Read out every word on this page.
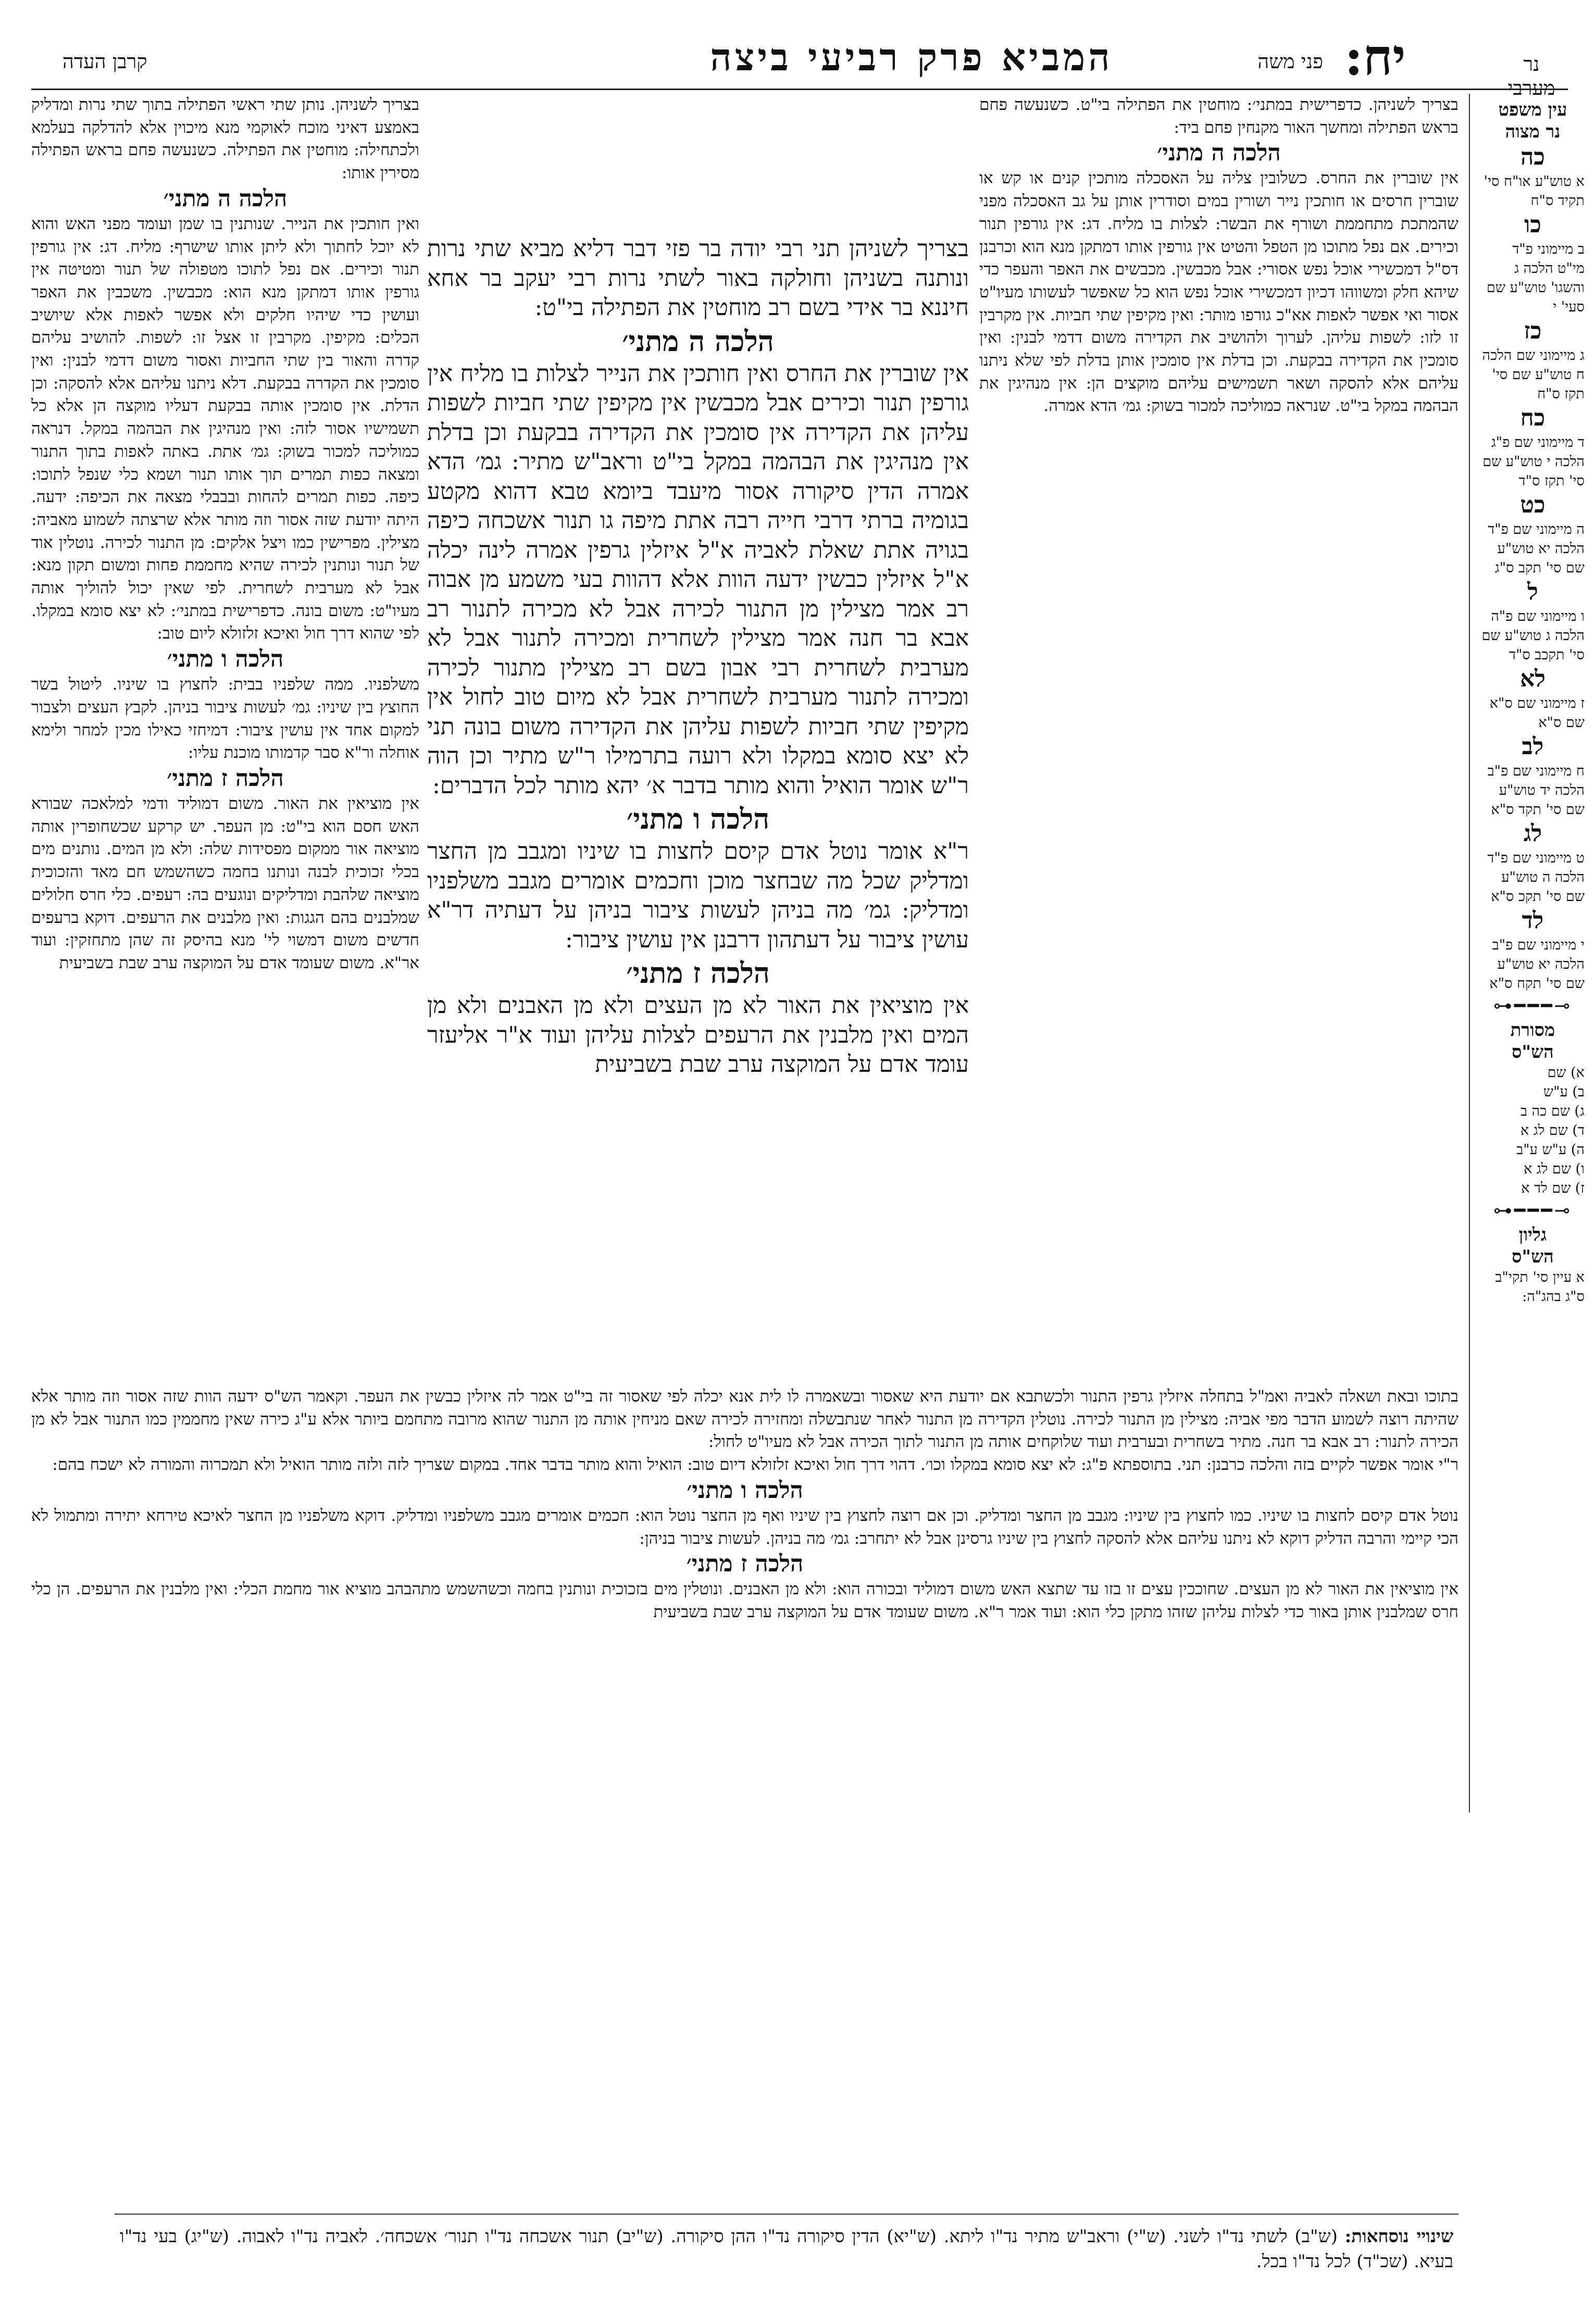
קרבן העדה	המביא פרק רביעי ביצה	פני משה יח:	נר
מערבי

בצריך לשניהן. נותן שתי ראשי הפתילה בתוך שתי נרות ומדליק באמצע דאיני מוכח לאוקמי מנא מיכוין אלא להדלקה בעלמא ולכתחילה: מוחטין את הפתילה. כשנעשה פחם בראש הפתילה מסירין אותו:

הלכה ה מתני׳

ואין חותכין את הנייר. שנותנין בו שמן ועומד מפני האש והוא לא יוכל לחתוך ולא ליתן אותו שישרף: מליח. דג: אין גורפין תנור וכירים. אם נפל לתוכו מטפולה של תנור ומטיטה אין גורפין אותו דמתקן מנא הוא: מכבשין. משכבין את האפר ועושין כדי שיהיו חלקים ולא אפשר לאפות אלא שיושיב הכלים: מקיפין. מקרבין זו אצל זו: לשפות. להושיב עליהם קדרה והאור בין שתי החביות ואסור משום דדמי לבנין: ואין סומכין את הקדרה בבקעת. דלא ניתנו עליהם אלא להסקה: וכן הדלת. אין סומכין אותה בבקעת דעליו מוקצה הן אלא כל תשמישיו אסור לזה: ואין מנהיגין את הבהמה במקל. דנראה כמוליכה למכור בשוק: גמ׳ אתת. באתה לאפות בתוך התנור ומצאה כפות תמרים תוך אותו תנור ושמא כלי שנפל לתוכו: כיפה. כפות תמרים להחות ובבבלי מצאה את הכיפה: ידעה. היתה יודעת שזה אסור וזה מותר אלא שרצתה לשמוע מאביה: מצילין. מפרישין כמו ויצל אלקים: מן התנור לכירה. נוטלין אוד של תנור ונותנין לכירה שהיא מחממת פחות ומשום תקון מנא: אבל לא מערבית לשחרית. לפי שאין יכול להוליך אותה מעיו"ט: משום בונה. כדפרישית במתני׳: לא יצא סומא במקלו. לפי שהוא דרך חול ואיכא זלזולא ליום טוב:

הלכה ו מתני׳

משלפניו. ממה שלפניו בבית: לחצוץ בו שיניו. ליטול בשר החוצץ בין שיניו: גמ׳ לעשות ציבור בניהן. לקבץ העצים ולצבור למקום אחד אין עושין ציבור: דמיחזי כאילו מכין למחר ולימא אוחלה ור"א סבר קדמותו מוכנת עליו:

הלכה ז מתני׳

אין מוציאין את האור. משום דמוליד ודמי למלאכה שבורא האש חסם הוא בי"ט: מן העפר. יש קרקע שכשחופרין אותה מוציאה אור ממקום מפסידות שלה: ולא מן המים. נותנים מים בכלי זכוכית לבנה ונותנו בחמה כשהשמש חם מאד והזכוכית מוציאה שלהבת ומדליקים ונוגעים בה: רעפים. כלי חרס חלולים שמלבנים בהם הגגות: ואין מלבנים את הרעפים. דוקא ברעפים חדשים משום דמשוי לי' מנא בהיסק זה שהן מתחזקין: ועוד אר"א. משום שעומד אדם על המוקצה ערב שבת בשביעית

בצריך לשניהן. כדפרישית במתני׳: מוחטין את הפתילה בי"ט. כשנעשה פחם בראש הפתילה ומחשך האור מקנחין פחם ביד:

הלכה ה מתני׳

אין שוברין את החרס. כשלובין צליה על האסכלה מותכין קנים או קש או שוברין חרסים או חותכין נייר ושורין במים וסודרין אותן על גב האסכלה מפני שהמתכת מתחממת ושורף את הבשר: לצלות בו מליח. דג: אין גורפין תנור וכירים. אם נפל מתוכו מן הטפל והטיט אין גורפין אותו דמתקן מנא הוא וכרבנן דס"ל דמכשירי אוכל נפש אסורי: אבל מכבשין. מכבשים את האפר והעפר כדי שיהא חלק ומשווהו דכיון דמכשירי אוכל נפש הוא כל שאפשר לעשותו מעיו"ט אסור ואי אפשר לאפות אא"כ גורפו מותר: ואין מקיפין שתי חביות. אין מקרבין זו לזו: לשפות עליהן. לערוך ולהושיב את הקדירה משום דדמי לבנין: ואין סומכין את הקדירה בבקעת. וכן בדלת אין סומכין אותן בדלת לפי שלא ניתנו עליהם אלא להסקה ושאר תשמישים עליהם מוקצים הן: אין מנהיגין את הבהמה במקל בי"ט. שנראה כמוליכה למכור בשוק: גמ׳ הדא אמרה.

בצריך לשניהן תני רבי יודה בר פזי דבר דליא מביא שתי נרות ונותנה בשניהן וחולקה באור לשתי נרות רבי יעקב בר אחא חיננא בר אידי בשם רב מוחטין את הפתילה בי"ט:
הלכה ה מתני׳
אין שוברין את החרס ואין חותכין את הנייר לצלות בו מליח אין גורפין תנור וכירים אבל מכבשין אין מקיפין שתי חביות לשפות עליהן את הקדירה אין סומכין את הקדירה בבקעת וכן בדלת אין מנהיגין את הבהמה במקל בי"ט וראב"ש מתיר: גמ׳ הדא אמרה הדין סיקורה אסור מיעבד ביומא טבא דהוא מקטע בגומיה ברתי דרבי חייה רבה אתת מיפה גו תנור אשכחה כיפה בגויה אתת שאלת לאביה א"ל איזלין גרפין אמרה לינה יכלה א"ל איזלין כבשין ידעה הוות אלא דהוות בעי משמע מן אבוה רב אמר מצילין מן התנור לכירה אבל לא מכירה לתנור רב אבא בר חנה אמר מצילין לשחרית ומכירה לתנור אבל לא מערבית לשחרית רבי אבון בשם רב מצילין מתנור לכירה ומכירה לתנור מערבית לשחרית אבל לא מיום טוב לחול אין מקיפין שתי חביות לשפות עליהן את הקדירה משום בונה תני לא יצא סומא במקלו ולא רועה בתרמילו ר"ש מתיר וכן הוה ר"ש אומר הואיל והוא מותר בדבר א׳ יהא מותר לכל הדברים:
הלכה ו מתני׳
ר"א אומר נוטל אדם קיסם לחצות בו שיניו ומגבב מן החצר ומדליק שכל מה שבחצר מוכן וחכמים אומרים מגבב משלפניו ומדליק: גמ׳ מה בניהן לעשות ציבור בניהן על דעתיה דר"א עושין ציבור על דעתהון דרבנן אין עושין ציבור:
הלכה ז מתני׳
אין מוציאין את האור לא מן העצים ולא מן האבנים ולא מן המים ואין מלבנין את הרעפים לצלות עליהן ועוד א"ר אליעזר עומד אדם על המוקצה ערב שבת בשביעית

בתוכו ובאת ושאלה לאביה ואמ"ל בתחלה איזלין גרפין התנור ולכשתבא אם יודעת היא שאסור ובשאמרה לו לית אנא יכלה לפי שאסור זה בי"ט אמר לה איזלין כבשין את העפר. וקאמר הש"ס ידעה הוות שזה אסור וזה מותר אלא שהיתה רוצה לשמוע הדבר מפי אביה: מצילין מן התנור לכירה. נוטלין הקדירה מן התנור לאחר שנתבשלה ומחזירה לכירה שאם מניחין אותה מן התנור שהוא מרובה מתחמם ביותר אלא ע"ג כירה שאין מחממין כמו התנור אבל לא מן הכירה לתנור: רב אבא בר חנה. מתיר בשחרית ובערבית ועוד שלוקחים אותה מן התנור לתוך הכירה אבל לא מעיו"ט לחול:

ר"י אומר אפשר לקיים בזה והלכה כרבנן: תני. בתוספתא פ"ג: לא יצא סומא במקלו וכו׳. דהוי דרך חול ואיכא זלזולא דיום טוב: הואיל והוא מותר בדבר אחד. במקום שצריך לזה ולזה מותר הואיל ולא תמכרוה והמורה לא ישכח בהם:

הלכה ו מתני׳

נוטל אדם קיסם לחצות בו שיניו. כמו לחצוץ בין שיניו: מגבב מן החצר ומדליק. וכן אם רוצה לחצוץ בין שיניו ואף מן החצר נוטל הוא: חכמים אומרים מגבב משלפניו ומדליק. דוקא משלפניו מן החצר לאיכא טירחא יתירה ומתמול לא הכי קיימי והרבה הדליק דוקא לא ניתנו עליהם אלא להסקה לחצוץ בין שיניו גרסינן אבל לא יתחרב: גמ׳ מה בניהן. לעשות ציבור בניהן:

הלכה ז מתני׳

אין מוציאין את האור לא מן העצים. שחוככין עצים זו בזו עד שתצא האש משום דמוליד ובכורה הוא: ולא מן האבנים. ונוטלין מים בזכוכית ונותנין בחמה וכשהשמש מתהבהב מוציא אור מחמת הכלי: ואין מלבנין את הרעפים. הן כלי חרס שמלבנין אותן באור כדי לצלות עליהן שזהו מתקן כלי הוא: ועוד אמר ר"א. משום שעומד אדם על המוקצה ערב שבת בשביעית

עין משפט
נר מצוה
כה
א טוש"ע או"ח סי' תקיד ס"ח
כו
ב מיימוני פ"ד מי"ט הלכה ג והשגו' טוש"ע שם סעי' י
כז
ג מיימוני שם הלכה ח טוש"ע שם סי' תקז ס"ח
כח
ד מיימוני שם פ"ג הלכה י טוש"ע שם סי' תקז ס"ד
כט
ה מיימוני שם פ"ד הלכה יא טוש"ע שם סי' תקב ס"ג
ל
ו מיימוני שם פ"ה הלכה ג טוש"ע שם סי' תקכב ס"ד
לא
ז מיימוני שם ס"א שם ס"א
לב
ח מיימוני שם פ"ב הלכה יד טוש"ע שם סי' תקד ס"א
לג
ט מיימוני שם פ"ד הלכה ה טוש"ע שם סי' תקכ ס"א
לד
י מיימוני שם פ"ב הלכה יא טוש"ע שם סי' תקח ס"א
⊸━━━⊷
מסורת
הש"ס
א) שם
ב) ע"ש
ג) שם כה ב
ד) שם לג א
ה) ע"ש ע"ב
ו) שם לג א
ז) שם לד א
⊸━━━⊷
גליון
הש"ס
א עיין סי' תקי"ב ס"ג בהג"ה:
שינויי נוסחאות: (ש"ב) לשתי נד"ו לשני. (ש"י) וראב"ש מתיר נד"ו ליתא. (ש"יא) הדין סיקורה נד"ו ההן סיקורה. (ש"יב) תנור אשכחה נד"ו תנור׳ אשכחה׳. לאביה נד"ו לאבוה. (ש"יג) בעי נד"ו בעיא. (שכ"ד) לכל נד"ו בכל.
